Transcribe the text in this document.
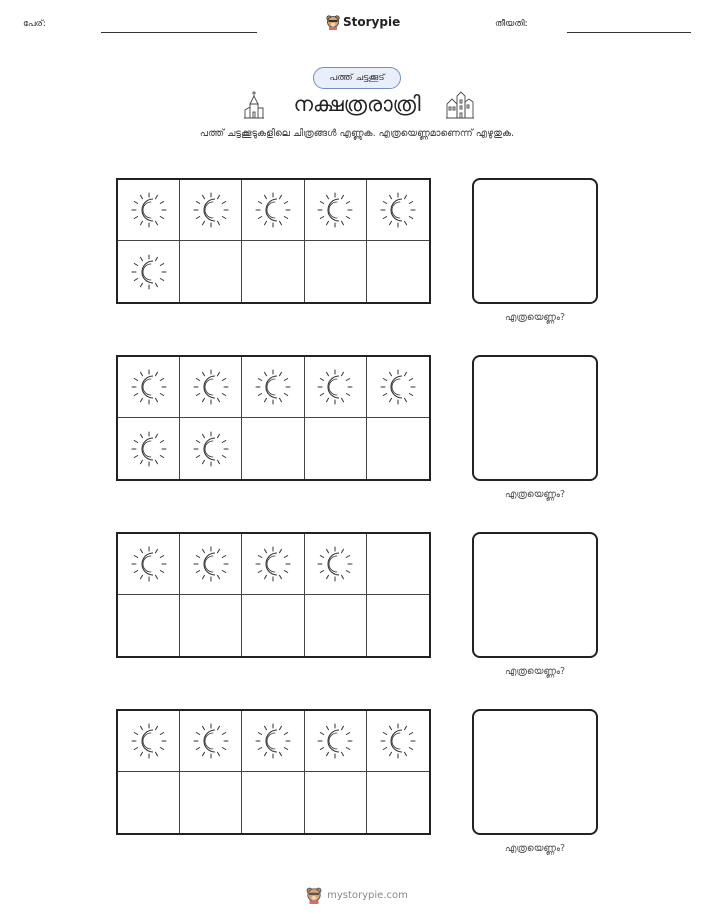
പേര്:	Storypie	തീയതി:
പത്ത് ചട്ടക്കൂട്
നക്ഷത്രരാത്രി
പത്ത് ചട്ടക്കൂടുകളിലെ ചിത്രങ്ങൾ എണ്ണുക. എത്രയെണ്ണമാണെന്ന് എഴുതുക.
എത്രയെണ്ണം?
എത്രയെണ്ണം?
എത്രയെണ്ണം?
എത്രയെണ്ണം?
mystorypie.com
